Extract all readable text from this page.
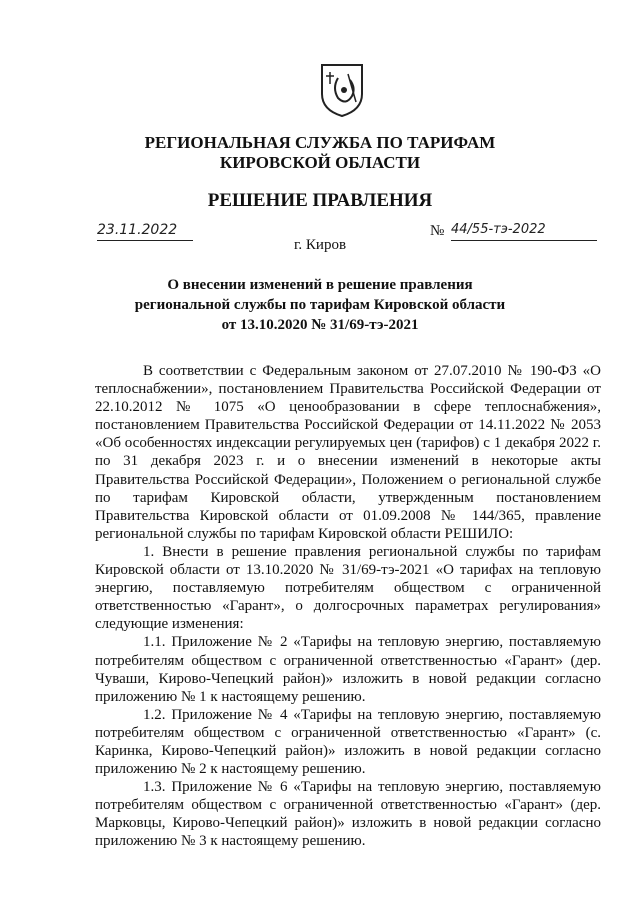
РЕГИОНАЛЬНАЯ СЛУЖБА ПО ТАРИФАМ
КИРОВСКОЙ ОБЛАСТИ
РЕШЕНИЕ ПРАВЛЕНИЯ
23.11.2022	№ 44/55-тэ-2022
г. Киров
О внесении изменений в решение правления
региональной службы по тарифам Кировской области
от 13.10.2020 № 31/69-тэ-2021

В соответствии с Федеральным законом от 27.07.2010 № 190-ФЗ «О теплоснабжении», постановлением Правительства Российской Федерации от 22.10.2012 № 1075 «О ценообразовании в сфере теплоснабжения», постановлением Правительства Российской Федерации от 14.11.2022 № 2053 «Об особенностях индексации регулируемых цен (тарифов) с 1 декабря 2022 г. по 31 декабря 2023 г. и о внесении изменений в некоторые акты Правительства Российской Федерации», Положением о региональной службе по тарифам Кировской области, утвержденным постановлением Правительства Кировской области от 01.09.2008 № 144/365, правление региональной службы по тарифам Кировской области РЕШИЛО:

1. Внести в решение правления региональной службы по тарифам Кировской области от 13.10.2020 № 31/69-тэ-2021 «О тарифах на тепловую энергию, поставляемую потребителям обществом с ограниченной ответственностью «Гарант», о долгосрочных параметрах регулирования» следующие изменения:

1.1. Приложение № 2 «Тарифы на тепловую энергию, поставляемую потребителям обществом с ограниченной ответственностью «Гарант» (дер. Чуваши, Кирово-Чепецкий район)» изложить в новой редакции согласно приложению № 1 к настоящему решению.

1.2. Приложение № 4 «Тарифы на тепловую энергию, поставляемую потребителям обществом с ограниченной ответственностью «Гарант» (с. Каринка, Кирово-Чепецкий район)» изложить в новой редакции согласно приложению № 2 к настоящему решению.

1.3. Приложение № 6 «Тарифы на тепловую энергию, поставляемую потребителям обществом с ограниченной ответственностью «Гарант» (дер. Марковцы, Кирово-Чепецкий район)» изложить в новой редакции согласно приложению № 3 к настоящему решению.
